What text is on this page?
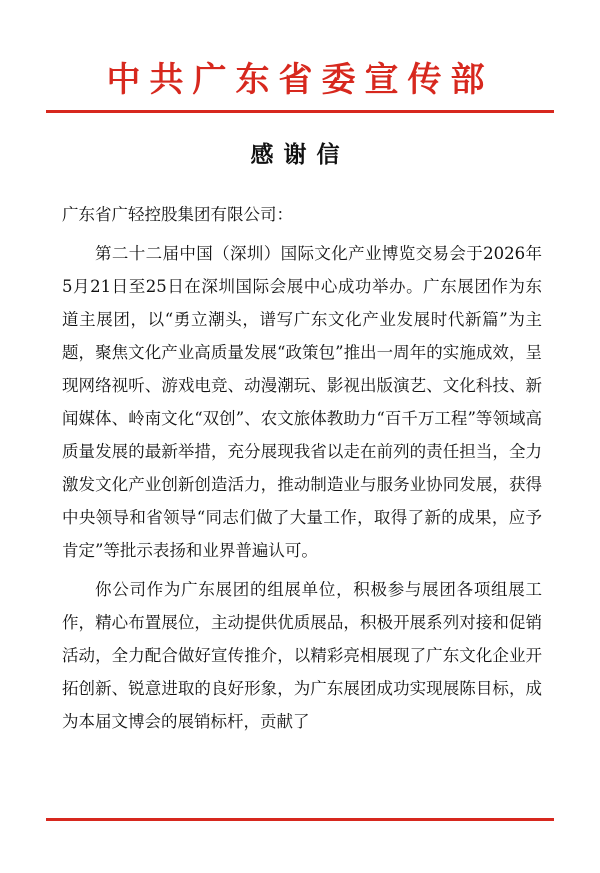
中共广东省委宣传部
感谢信

广东省广轻控股集团有限公司：

第二十二届中国（深圳）国际文化产业博览交易会于2026年5月21日至25日在深圳国际会展中心成功举办。广东展团作为东道主展团，以“勇立潮头，谱写广东文化产业发展时代新篇”为主题，聚焦文化产业高质量发展“政策包”推出一周年的实施成效，呈现网络视听、游戏电竞、动漫潮玩、影视出版演艺、文化科技、新闻媒体、岭南文化“双创”、农文旅体教助力“百千万工程”等领域高质量发展的最新举措，充分展现我省以走在前列的责任担当，全力激发文化产业创新创造活力，推动制造业与服务业协同发展，获得中央领导和省领导“同志们做了大量工作，取得了新的成果，应予肯定”等批示表扬和业界普遍认可。

你公司作为广东展团的组展单位，积极参与展团各项组展工作，精心布置展位，主动提供优质展品，积极开展系列对接和促销活动，全力配合做好宣传推介，以精彩亮相展现了广东文化企业开拓创新、锐意进取的良好形象，为广东展团成功实现展陈目标，成为本届文博会的展销标杆，贡献了
